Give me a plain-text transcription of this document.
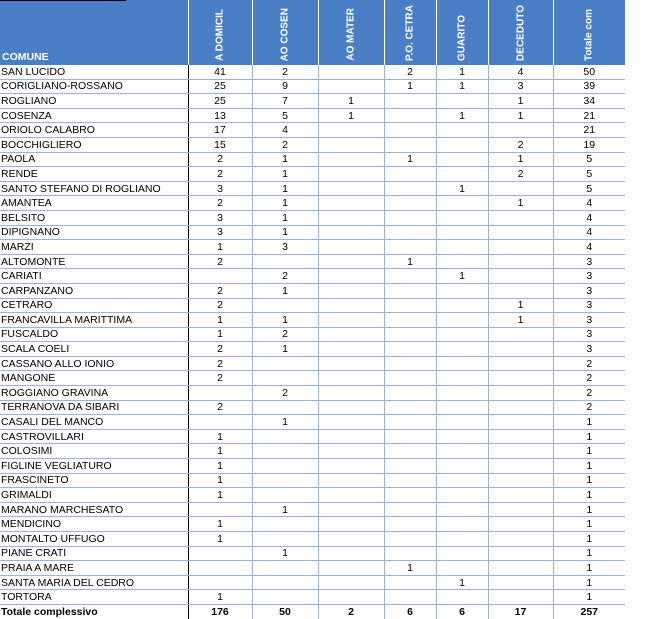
COMUNE	A DOMICIL	AO COSEN	AO MATER	P.O. CETRA	GUARITO	DECEDUTO	Totale com

SAN LUCIDO	41	2		2	1	4	50
CORIGLIANO-ROSSANO	25	9		1	1	3	39
ROGLIANO	25	7	1			1	34
COSENZA	13	5	1		1	1	21
ORIOLO CALABRO	17	4					21
BOCCHIGLIERO	15	2				2	19
PAOLA	2	1		1		1	5
RENDE	2	1				2	5
SANTO STEFANO DI ROGLIANO	3	1			1		5
AMANTEA	2	1				1	4
BELSITO	3	1					4
DIPIGNANO	3	1					4
MARZI	1	3					4
ALTOMONTE	2			1			3
CARIATI		2			1		3
CARPANZANO	2	1					3
CETRARO	2					1	3
FRANCAVILLA MARITTIMA	1	1				1	3
FUSCALDO	1	2					3
SCALA COELI	2	1					3
CASSANO ALLO IONIO	2						2
MANGONE	2						2
ROGGIANO GRAVINA		2					2
TERRANOVA DA SIBARI	2						2
CASALI DEL MANCO		1					1
CASTROVILLARI	1						1
COLOSIMI	1						1
FIGLINE VEGLIATURO	1						1
FRASCINETO	1						1
GRIMALDI	1						1
MARANO MARCHESATO		1					1
MENDICINO	1						1
MONTALTO UFFUGO	1						1
PIANE CRATI		1					1
PRAIA A MARE				1			1
SANTA MARIA DEL CEDRO					1		1
TORTORA	1						1
Totale complessivo	176	50	2	6	6	17	257
